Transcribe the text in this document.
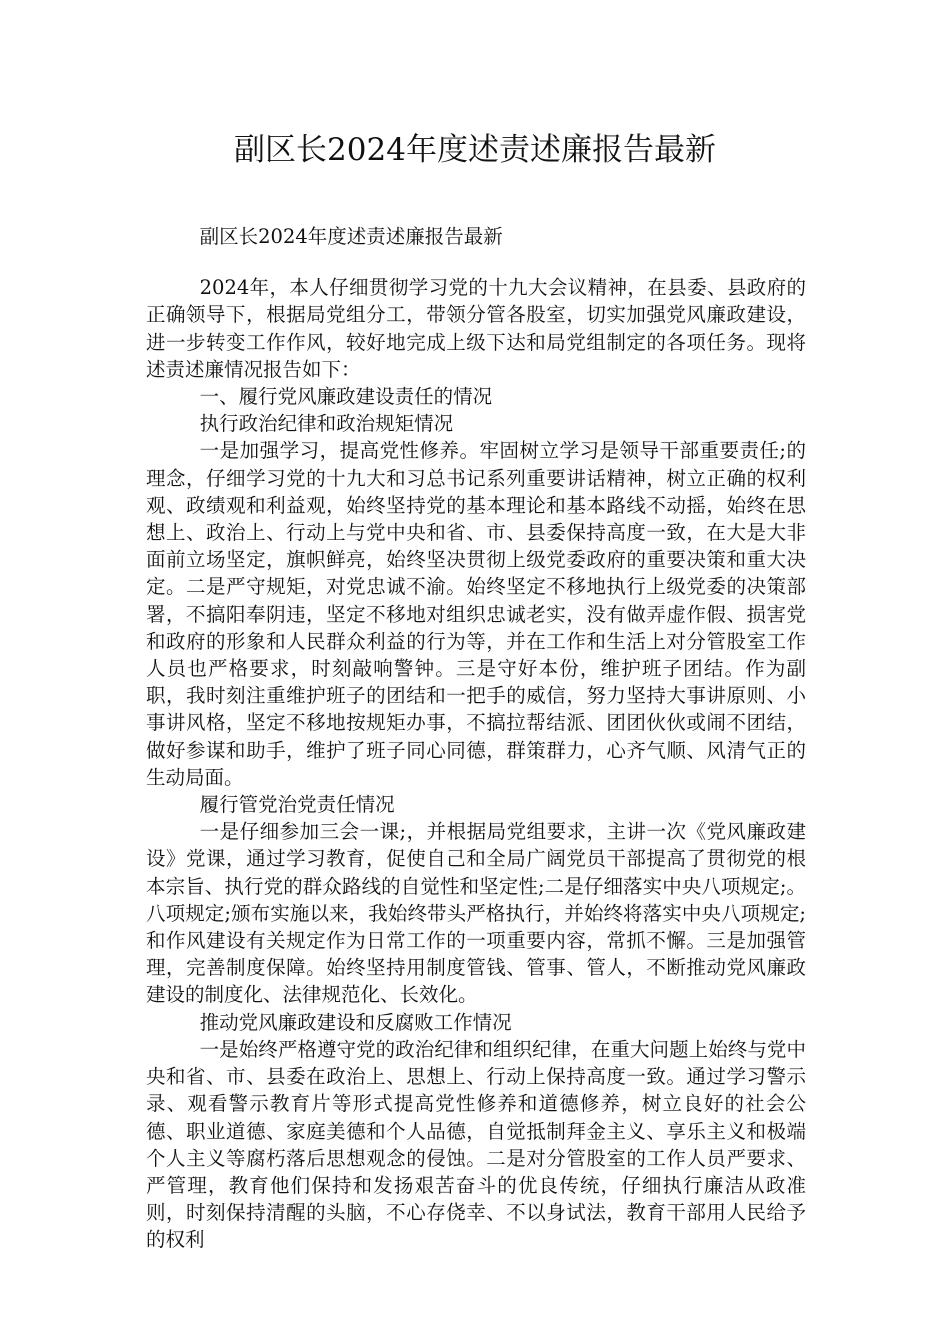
副区长2024年度述责述廉报告最新

副区长2024年度述责述廉报告最新

2024年，本人仔细贯彻学习党的十九大会议精神，在县委、县政府的正确领导下，根据局党组分工，带领分管各股室，切实加强党风廉政建设，进一步转变工作作风，较好地完成上级下达和局党组制定的各项任务。现将述责述廉情况报告如下：

一、履行党风廉政建设责任的情况

执行政治纪律和政治规矩情况

一是加强学习，提高党性修养。牢固树立学习是领导干部重要责任;的理念，仔细学习党的十九大和习总书记系列重要讲话精神，树立正确的权利观、政绩观和利益观，始终坚持党的基本理论和基本路线不动摇，始终在思想上、政治上、行动上与党中央和省、市、县委保持高度一致，在大是大非面前立场坚定，旗帜鲜亮，始终坚决贯彻上级党委政府的重要决策和重大决定。二是严守规矩，对党忠诚不渝。始终坚定不移地执行上级党委的决策部署，不搞阳奉阴违，坚定不移地对组织忠诚老实，没有做弄虚作假、损害党和政府的形象和人民群众利益的行为等，并在工作和生活上对分管股室工作人员也严格要求，时刻敲响警钟。三是守好本份，维护班子团结。作为副职，我时刻注重维护班子的团结和一把手的威信，努力坚持大事讲原则、小事讲风格，坚定不移地按规矩办事，不搞拉帮结派、团团伙伙或闹不团结，做好参谋和助手，维护了班子同心同德，群策群力，心齐气顺、风清气正的生动局面。

履行管党治党责任情况

一是仔细参加三会一课;，并根据局党组要求，主讲一次《党风廉政建设》党课，通过学习教育，促使自己和全局广阔党员干部提高了贯彻党的根本宗旨、执行党的群众路线的自觉性和坚定性;二是仔细落实中央八项规定;。八项规定;颁布实施以来，我始终带头严格执行，并始终将落实中央八项规定;和作风建设有关规定作为日常工作的一项重要内容，常抓不懈。三是加强管理，完善制度保障。始终坚持用制度管钱、管事、管人，不断推动党风廉政建设的制度化、法律规范化、长效化。

推动党风廉政建设和反腐败工作情况

一是始终严格遵守党的政治纪律和组织纪律，在重大问题上始终与党中央和省、市、县委在政治上、思想上、行动上保持高度一致。通过学习警示录、观看警示教育片等形式提高党性修养和道德修养，树立良好的社会公德、职业道德、家庭美德和个人品德，自觉抵制拜金主义、享乐主义和极端个人主义等腐朽落后思想观念的侵蚀。二是对分管股室的工作人员严要求、严管理，教育他们保持和发扬艰苦奋斗的优良传统，仔细执行廉洁从政准则，时刻保持清醒的头脑，不心存侥幸、不以身试法，教育干部用人民给予的权利
